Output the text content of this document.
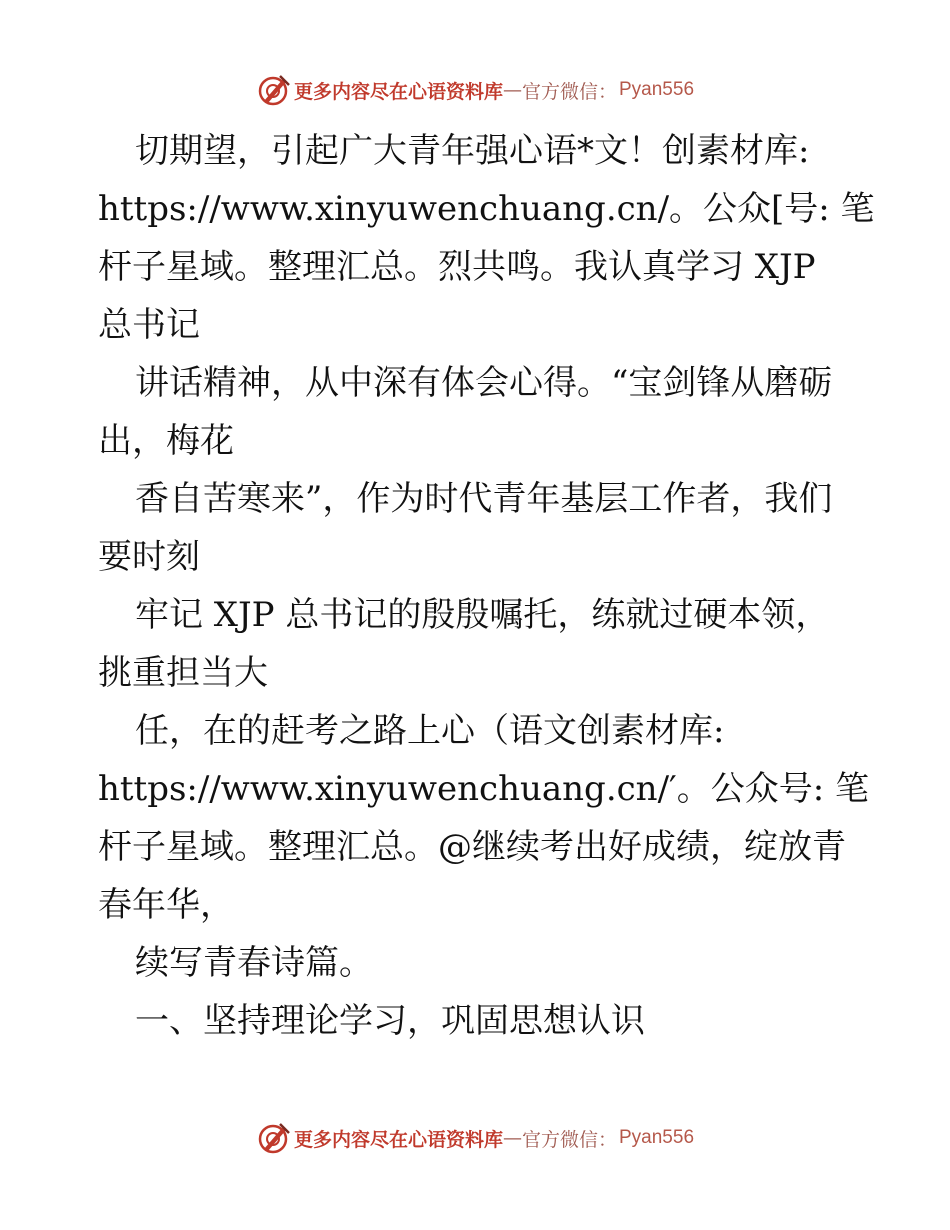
更多内容尽在心语资料库 — 官方微信： Pyan556
切期望，引起广大青年强心语*文！创素材库:
https://www.xinyuwenchuang.cn/。公众[号: 笔
杆子星域。整理汇总。烈共鸣。我认真学习 XJP
总书记
讲话精神，从中深有体会心得。“宝剑锋从磨砺
出，梅花
香自苦寒来”，作为时代青年基层工作者，我们
要时刻
牢记 XJP 总书记的殷殷嘱托，练就过硬本领，
挑重担当大
任，在的赶考之路上心（语文创素材库:
https://www.xinyuwenchuang.cn/′。公众号: 笔
杆子星域。整理汇总。@继续考出好成绩，绽放青
春年华，
续写青春诗篇。
一、坚持理论学习，巩固思想认识
更多内容尽在心语资料库 — 官方微信： Pyan556
